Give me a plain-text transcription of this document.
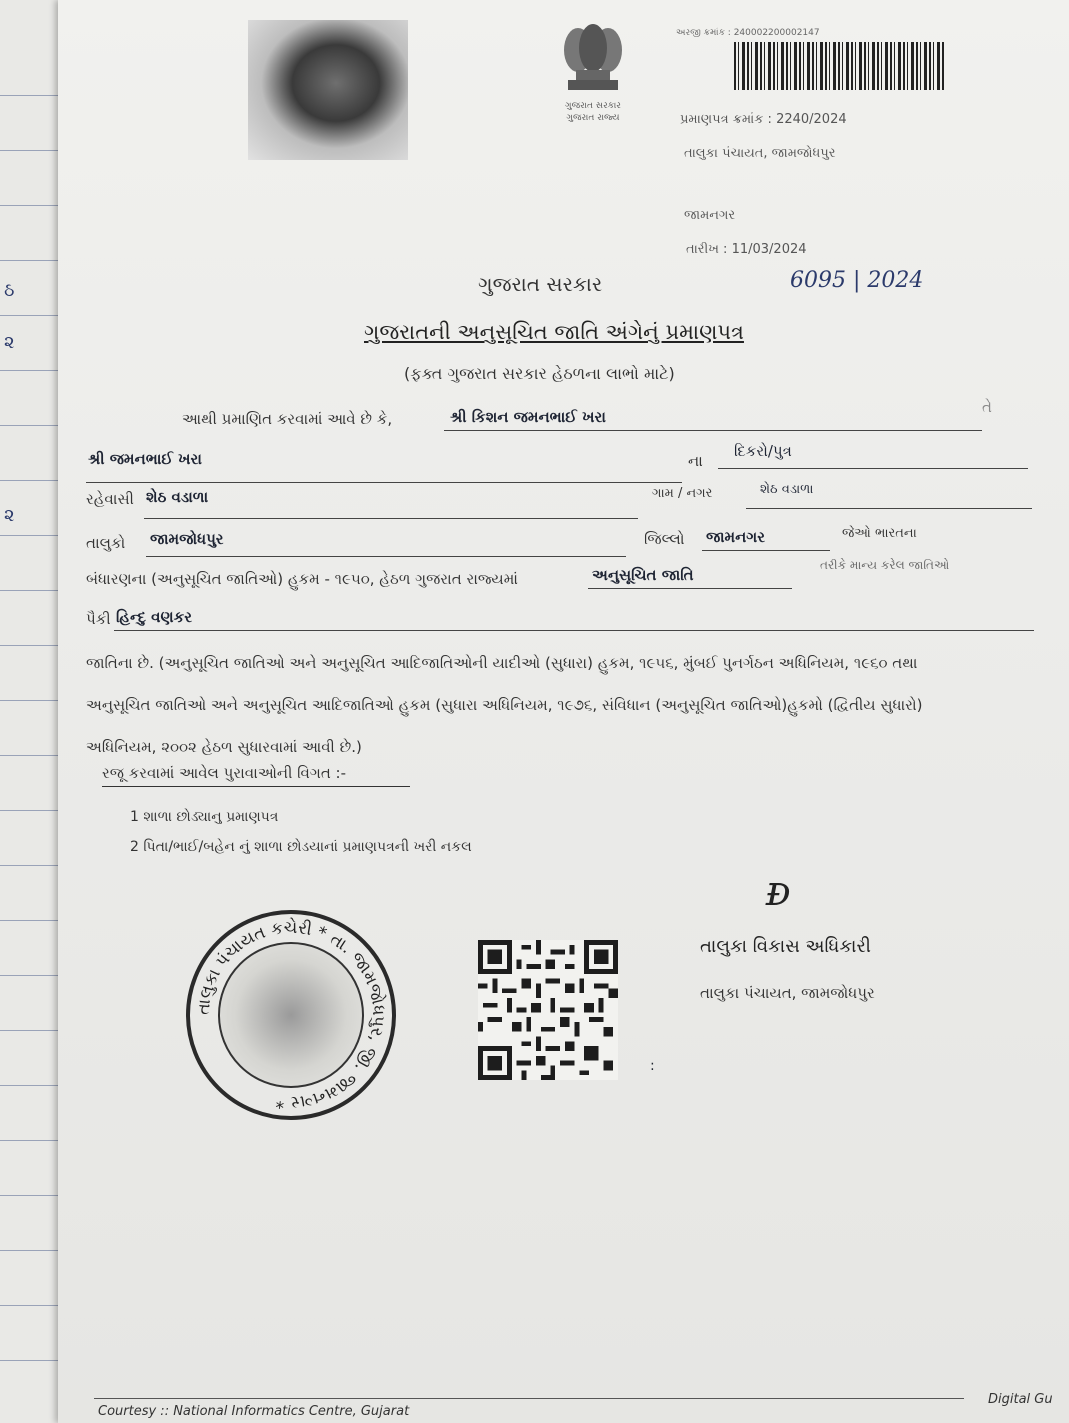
ઠ
૨
૨
ગુજરાત સરકાર
ગુજરાત રાજ્ય
અરજી ક્રમાંક : 240002200002147
પ્રમાણપત્ર ક્રમાંક : 2240/2024
તાલુકા પંચાયત, જામજોધપુર
જામનગર
તારીખ : 11/03/2024
ગુજરાત સરકાર	6095 | 2024
ગુજરાતની અનુસૂચિત જાતિ અંગેનું પ્રમાણપત્ર
(ફક્ત ગુજરાત સરકાર હેઠળના લાભો માટે)
આથી પ્રમાણિત કરવામાં આવે છે કે,	શ્રી કિશન જમનભાઈ ખરા
તે
શ્રી જમનભાઈ ખરા	ના
દિકરો/પુત્ર
રહેવાસી શેઠ વડાળા	ગામ / નગર	શેઠ વડાળા
તાલુકો જામજોધપુર	જિલ્લો જામનગર	જેઓ ભારતના
બંધારણના (અનુસૂચિત જાતિઓ) હુકમ - ૧૯૫૦, હેઠળ ગુજરાત રાજ્યમાં	અનુસૂચિત જાતિ
તરીકે માન્ય કરેલ જાતિઓ
પૈકી હિન્દુ વણકર
જાતિના છે. (અનુસૂચિત જાતિઓ અને અનુસૂચિત આદિજાતિઓની યાદીઓ (સુધારા) હુકમ, ૧૯૫૬, મુંબઈ પુનર્ગઠન અધિનિયમ, ૧૯૬૦ તથા
અનુસૂચિત જાતિઓ અને અનુસૂચિત આદિજાતિઓ હુકમ (સુધારા અધિનિયમ, ૧૯૭૬, સંવિધાન (અનુસૂચિત જાતિઓ)હુકમો (દ્વિતીય સુધારો)
અધિનિયમ, ૨૦૦૨ હેઠળ સુધારવામાં આવી છે.)
રજૂ કરવામાં આવેલ પુરાવાઓની વિગત :-
1 શાળા છોડ્યાનુ પ્રમાણપત્ર
2 પિતા/ભાઈ/બહેન નું શાળા છોડયાનાં પ્રમાણપત્રની ખરી નકલ
તાલુકા પંચાયત કચેરી * તા. જામજોધપુર, જી. જામનગર *
:
ᴆ
તાલુકા વિકાસ અધિકારી
તાલુકા પંચાયત, જામજોધપુર
Courtesy :: National Informatics Centre, Gujarat
Digital Gu
